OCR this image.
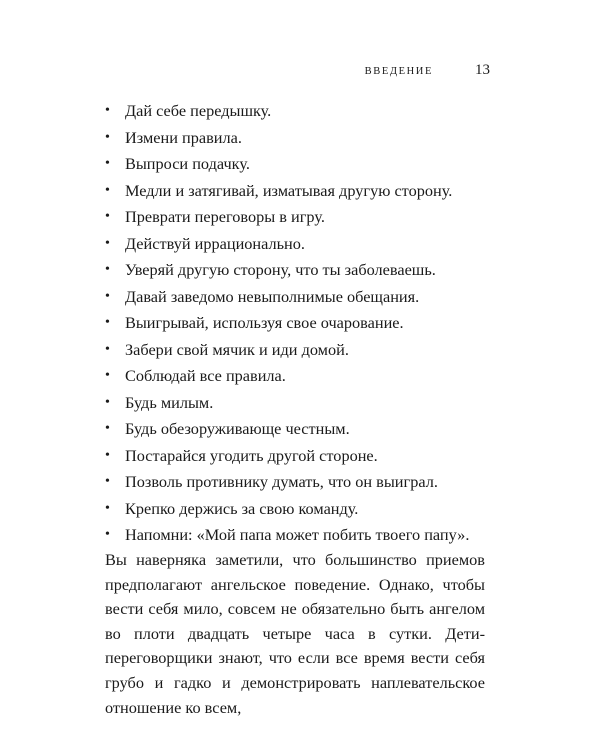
ВВЕДЕНИЕ	13
• Дай себе передышку.
• Измени правила.
• Выпроси подачку.
• Медли и затягивай, изматывая другую сторону.
• Преврати переговоры в игру.
• Действуй иррационально.
• Уверяй другую сторону, что ты заболеваешь.
• Давай заведомо невыполнимые обещания.
• Выигрывай, используя свое очарование.
• Забери свой мячик и иди домой.
• Соблюдай все правила.
• Будь милым.
• Будь обезоруживающе честным.
• Постарайся угодить другой стороне.
• Позволь противнику думать, что он выиграл.
• Крепко держись за свою команду.
• Напомни: «Мой папа может побить твоего папу».

Вы наверняка заметили, что большинство приемов предполагают ангельское поведение. Однако, чтобы вести себя мило, совсем не обязательно быть ангелом во плоти двадцать четыре часа в сутки. Дети-переговорщики знают, что если все время вести себя грубо и гадко и демонстрировать наплевательское отношение ко всем,
